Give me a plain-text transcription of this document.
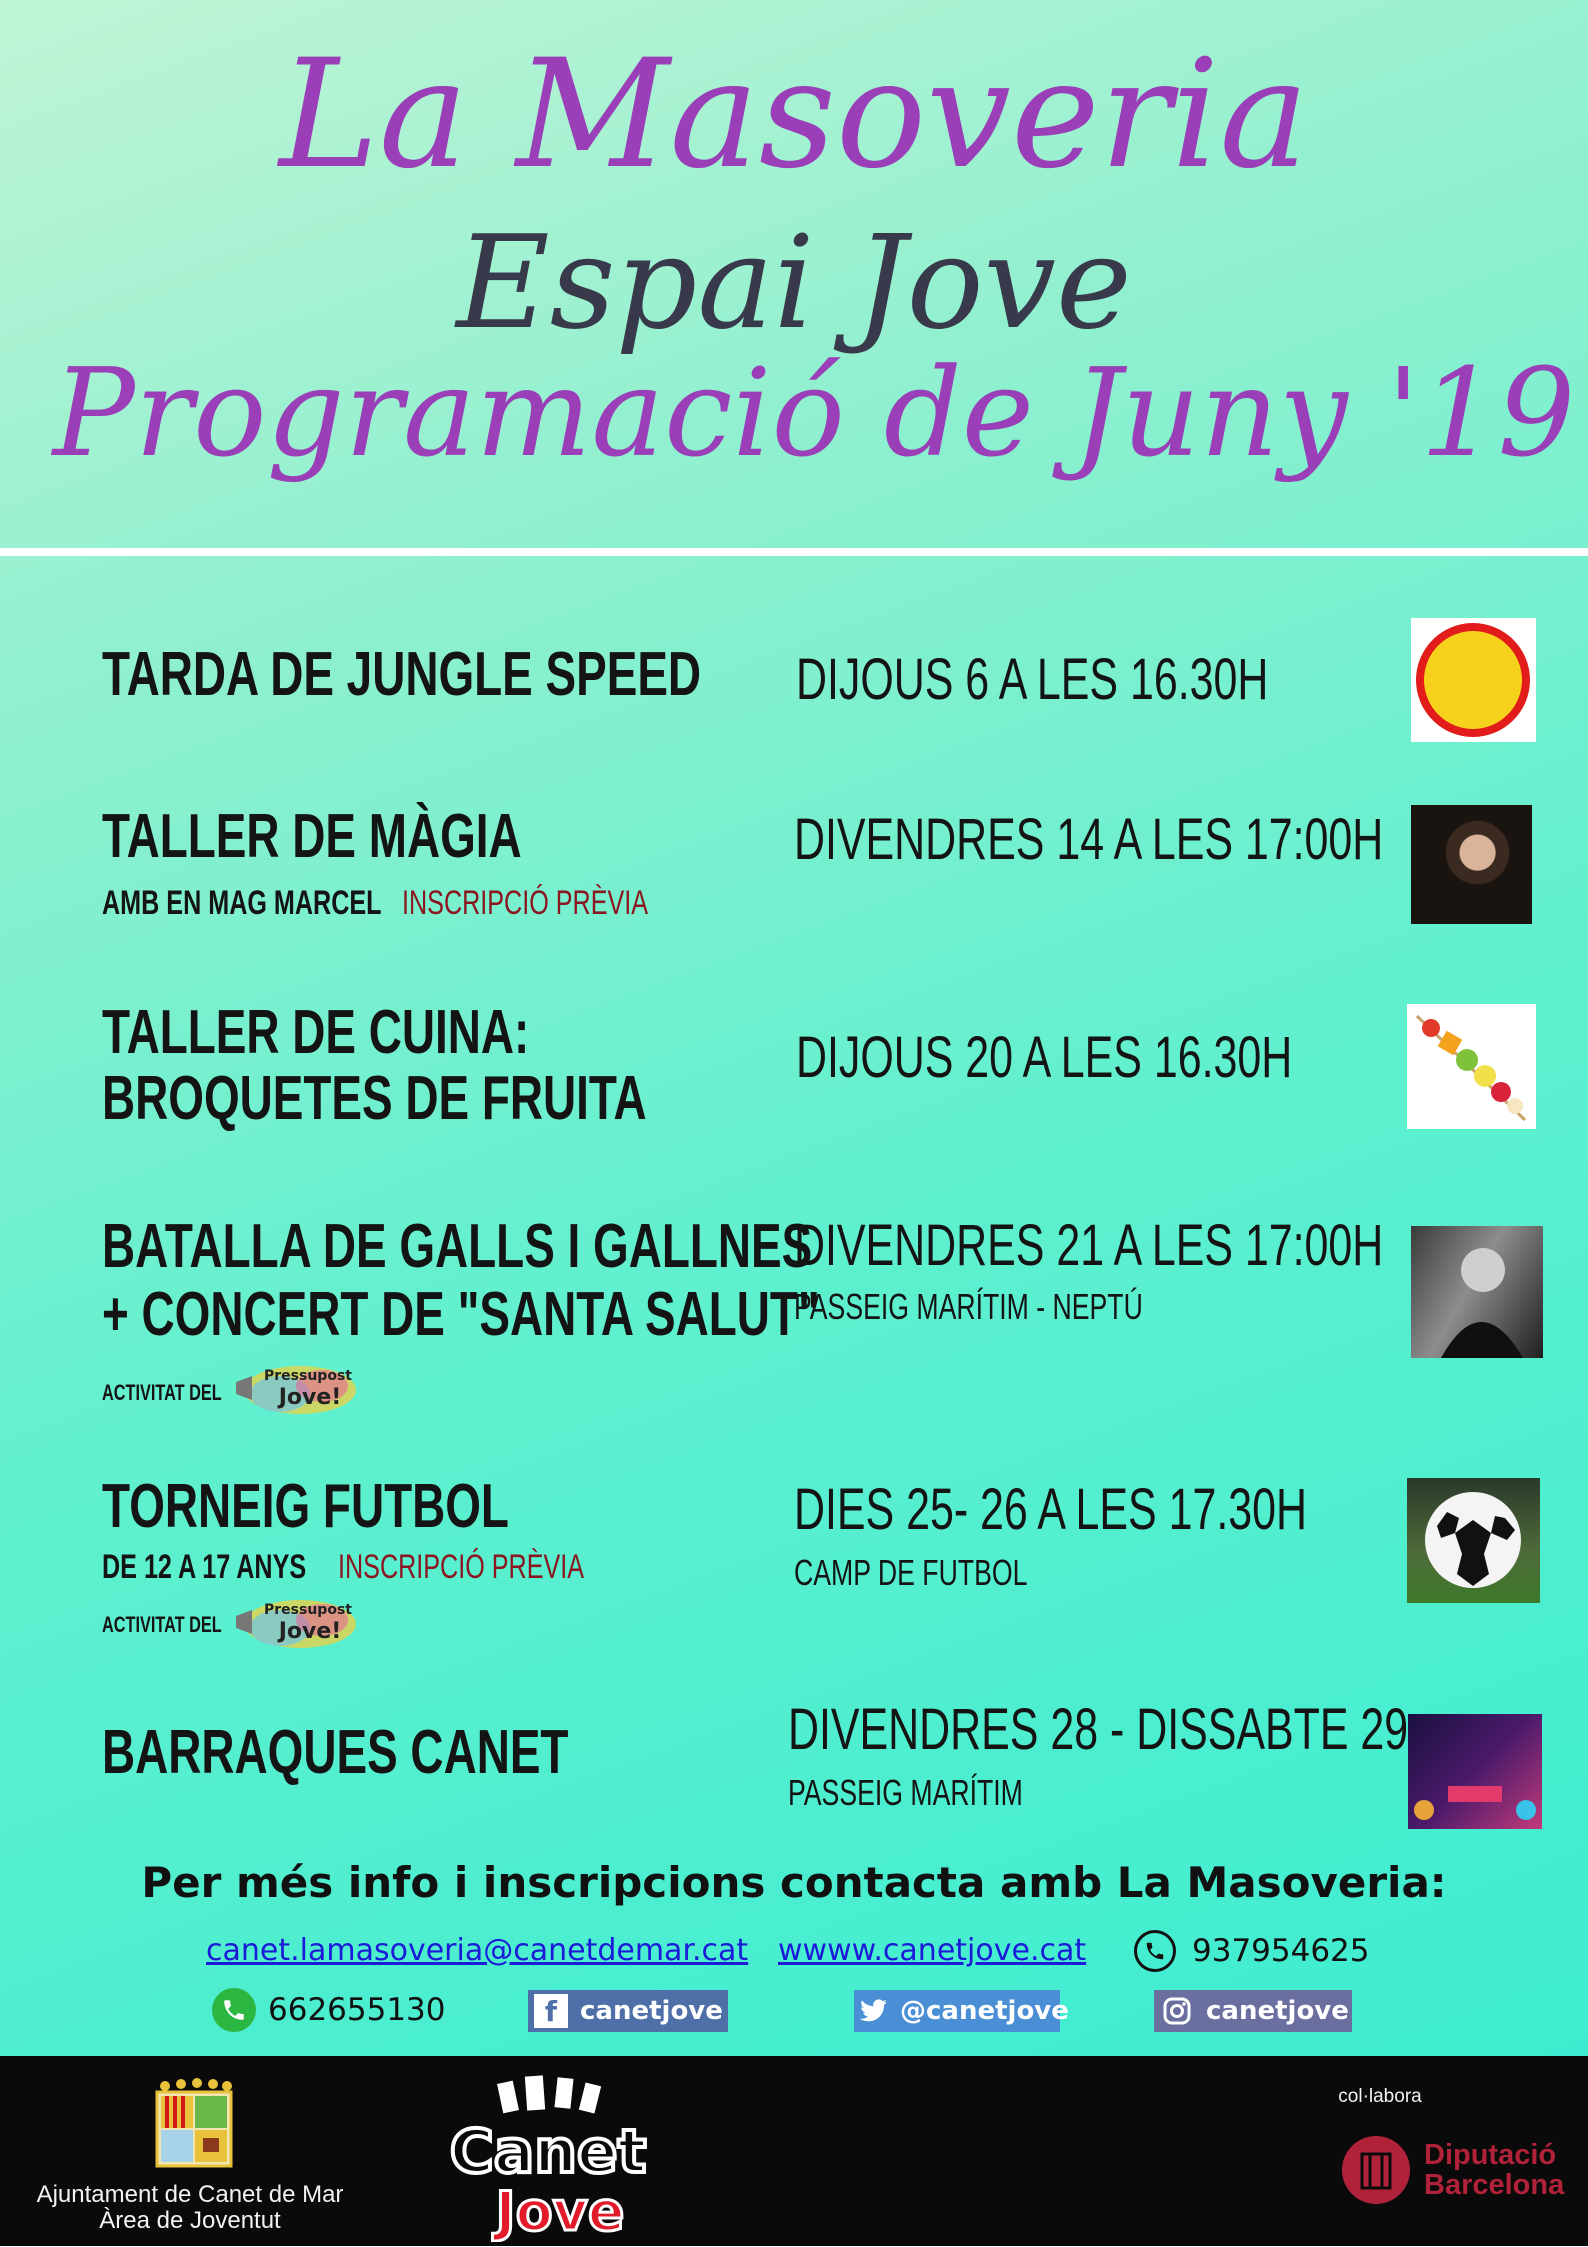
La Masoveria
Espai Jove
Programació de Juny '19
TARDA DE JUNGLE SPEED DIJOUS 6 A LES 16.30H
TALLER DE MÀGIA
AMB EN MAG MARCEL INSCRIPCIÓ PRÈVIA
DIVENDRES 14 A LES 17:00H
TALLER DE CUINA:
BROQUETES DE FRUITA
DIJOUS 20 A LES 16.30H
BATALLA DE GALLS I GALLNES
+ CONCERT DE "SANTA SALUT"
ACTIVITAT DEL
Pressupost
Jove!
DIVENDRES 21 A LES 17:00H
PASSEIG MARÍTIM - NEPTÚ
TORNEIG FUTBOL
DE 12 A 17 ANYS INSCRIPCIÓ PRÈVIA
ACTIVITAT DEL
Pressupost
Jove!
DIES 25- 26 A LES 17.30H
CAMP DE FUTBOL
BARRAQUES CANET	DIVENDRES 28 - DISSABTE 29
PASSEIG MARÍTIM
Per més info i inscripcions contacta amb La Masoveria:
canet.lamasoveria@canetdemar.cat wwww.canetjove.cat	937954625
662655130	f canetjove	@canetjove	canetjove
Ajuntament de Canet de Mar
Àrea de Joventut
Canet
Jove
col·labora
Diputació
Barcelona
